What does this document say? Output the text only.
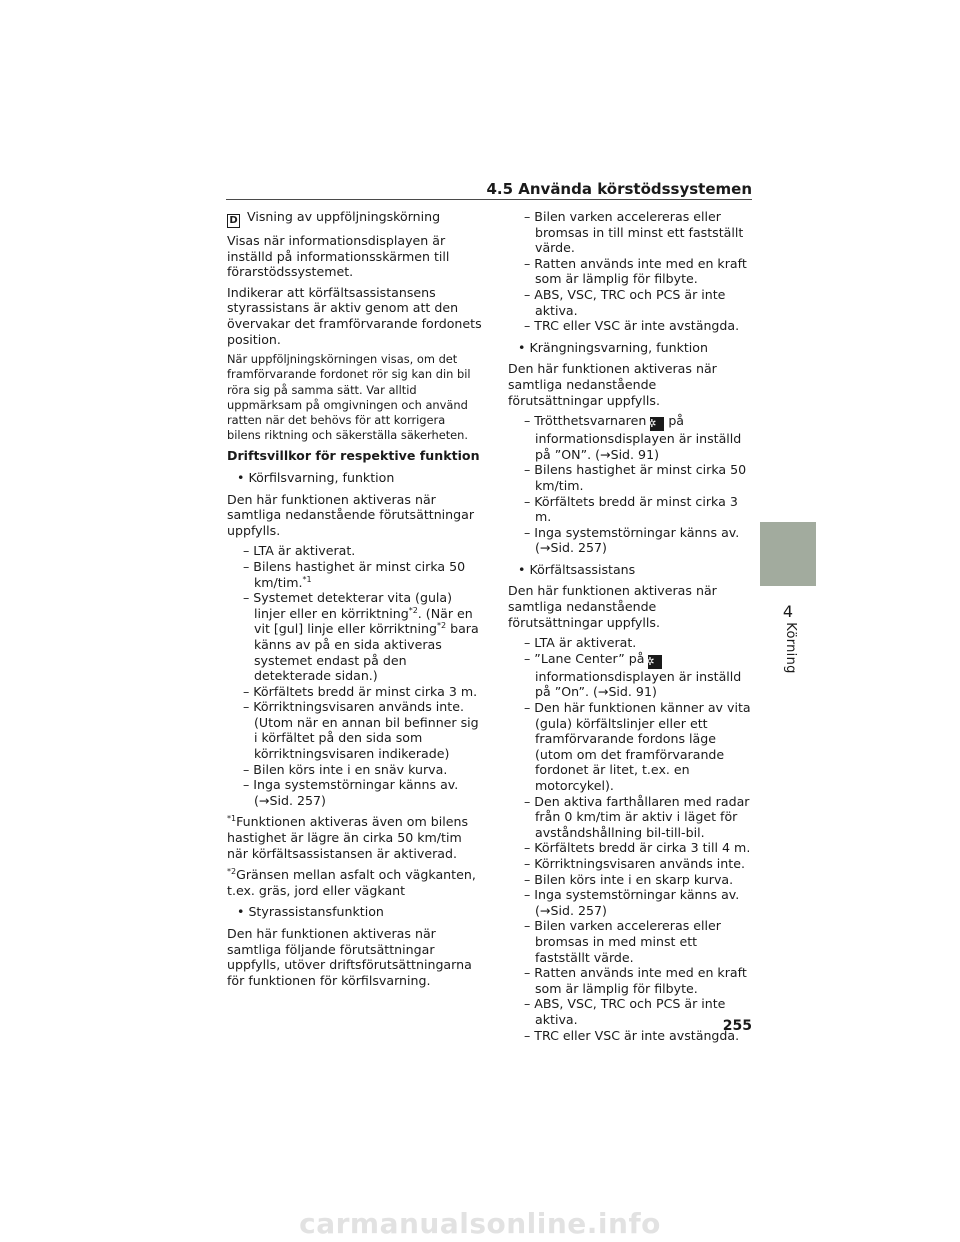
4.5 Använda körstödssystemen
D Visning av uppföljningskörning
Visas när informationsdisplayen är inställd på informationsskärmen till förarstödssystemet.
Indikerar att körfältsassistansens styrassistans är aktiv genom att den övervakar det framförvarande fordonets position.
När uppföljningskörningen visas, om det framförvarande fordonet rör sig kan din bil röra sig på samma sätt. Var alltid uppmärksam på omgivningen och använd ratten när det behövs för att korrigera bilens riktning och säkerställa säkerheten.
Driftsvillkor för respektive funktion
• Körfilsvarning, funktion
Den här funktionen aktiveras när samtliga nedanstående förutsättningar uppfylls.
– LTA är aktiverat.
– Bilens hastighet är minst cirka 50 km/tim.$^{*1}$
– Systemet detekterar vita (gula) linjer eller en körriktning$^{*2}$. (När en vit [gul] linje eller körriktning$^{*2}$ bara känns av på en sida aktiveras systemet endast på den detekterade sidan.)
– Körfältets bredd är minst cirka 3 m.
– Körriktningsvisaren används inte. (Utom när en annan bil befinner sig i körfältet på den sida som körriktningsvisaren indikerade)
– Bilen körs inte i en snäv kurva.
– Inga systemstörningar känns av. (→Sid. 257)
$^{*1}$Funktionen aktiveras även om bilens hastighet är lägre än cirka 50 km/tim när körfältsassistansen är aktiverad.
$^{*2}$Gränsen mellan asfalt och vägkanten, t.ex. gräs, jord eller vägkant
• Styrassistansfunktion
Den här funktionen aktiveras när samtliga följande förutsättningar uppfylls, utöver driftsförutsättningarna för funktionen för körfilsvarning.
– Bilen varken accelereras eller bromsas in till minst ett fastställt värde.
– Ratten används inte med en kraft som är lämplig för filbyte.
– ABS, VSC, TRC och PCS är inte aktiva.
– TRC eller VSC är inte avstängda.
• Krängningsvarning, funktion
Den här funktionen aktiveras när samtliga nedanstående förutsättningar uppfylls.
– Trötthetsvarnaren✲ på informationsdisplayen är inställd på ”ON”. (→Sid. 91)
– Bilens hastighet är minst cirka 50 km/tim.
– Körfältets bredd är minst cirka 3 m.
– Inga systemstörningar känns av. (→Sid. 257)
• Körfältsassistans
Den här funktionen aktiveras när samtliga nedanstående förutsättningar uppfylls.
– LTA är aktiverat.
– ”Lane Center” på✲informationsdisplayen är inställd på ”On”. (→Sid. 91)
– Den här funktionen känner av vita (gula) körfältslinjer eller ett framförvarande fordons läge (utom om det framförvarande fordonet är litet, t.ex. en motorcykel).
– Den aktiva farthållaren med radar från 0 km/tim är aktiv i läget för avståndshållning bil-till-bil.
– Körfältets bredd är cirka 3 till 4 m.
– Körriktningsvisaren används inte.
– Bilen körs inte i en skarp kurva.
– Inga systemstörningar känns av. (→Sid. 257)
– Bilen varken accelereras eller bromsas in med minst ett fastställt värde.
– Ratten används inte med en kraft som är lämplig för filbyte.
– ABS, VSC, TRC och PCS är inte aktiva.
– TRC eller VSC är inte avstängda.
4
Körning
255
carmanualsonline.info
